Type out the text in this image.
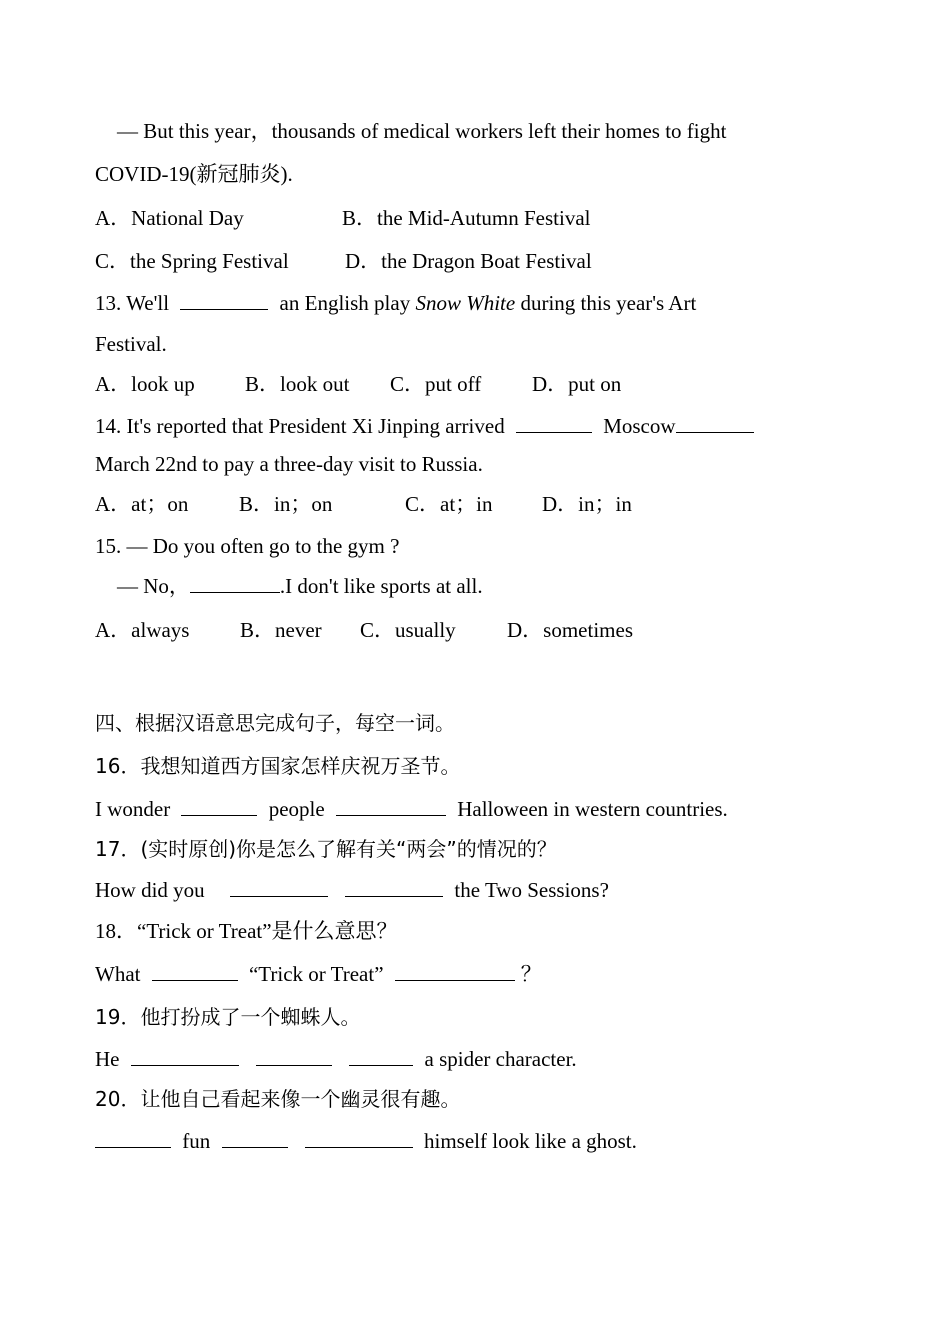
— But this year，thousands of medical workers left their homes to fight
COVID-19(新冠肺炎).
A．National Day	B．the Mid-Autumn Festival
C．the Spring Festival	D．the Dragon Boat Festival
13. We'll	an English play Snow White during this year's Art
Festival.
A．look up B．look out C．put off D．put on
14. It's reported that President Xi Jinping arrived	Moscow
March 22nd to pay a three-day visit to Russia.
A．at；on B．in；on	C．at；in D．in；in
15. — Do you often go to the gym ?
— No，	.I don't like sports at all.
A．always B．never C．usually D．sometimes
四、根据汉语意思完成句子，每空一词。
16．我想知道西方国家怎样庆祝万圣节。
I wonder	people	Halloween in western countries.
17．(实时原创)你是怎么了解有关“两会”的情况的？
How did you	the Two Sessions?
18．“Trick or Treat”是什么意思？
What	“Trick or Treat”	？
19．他打扮成了一个蜘蛛人。
He	a spider character.
20．让他自己看起来像一个幽灵很有趣。
fun	himself look like a ghost.
